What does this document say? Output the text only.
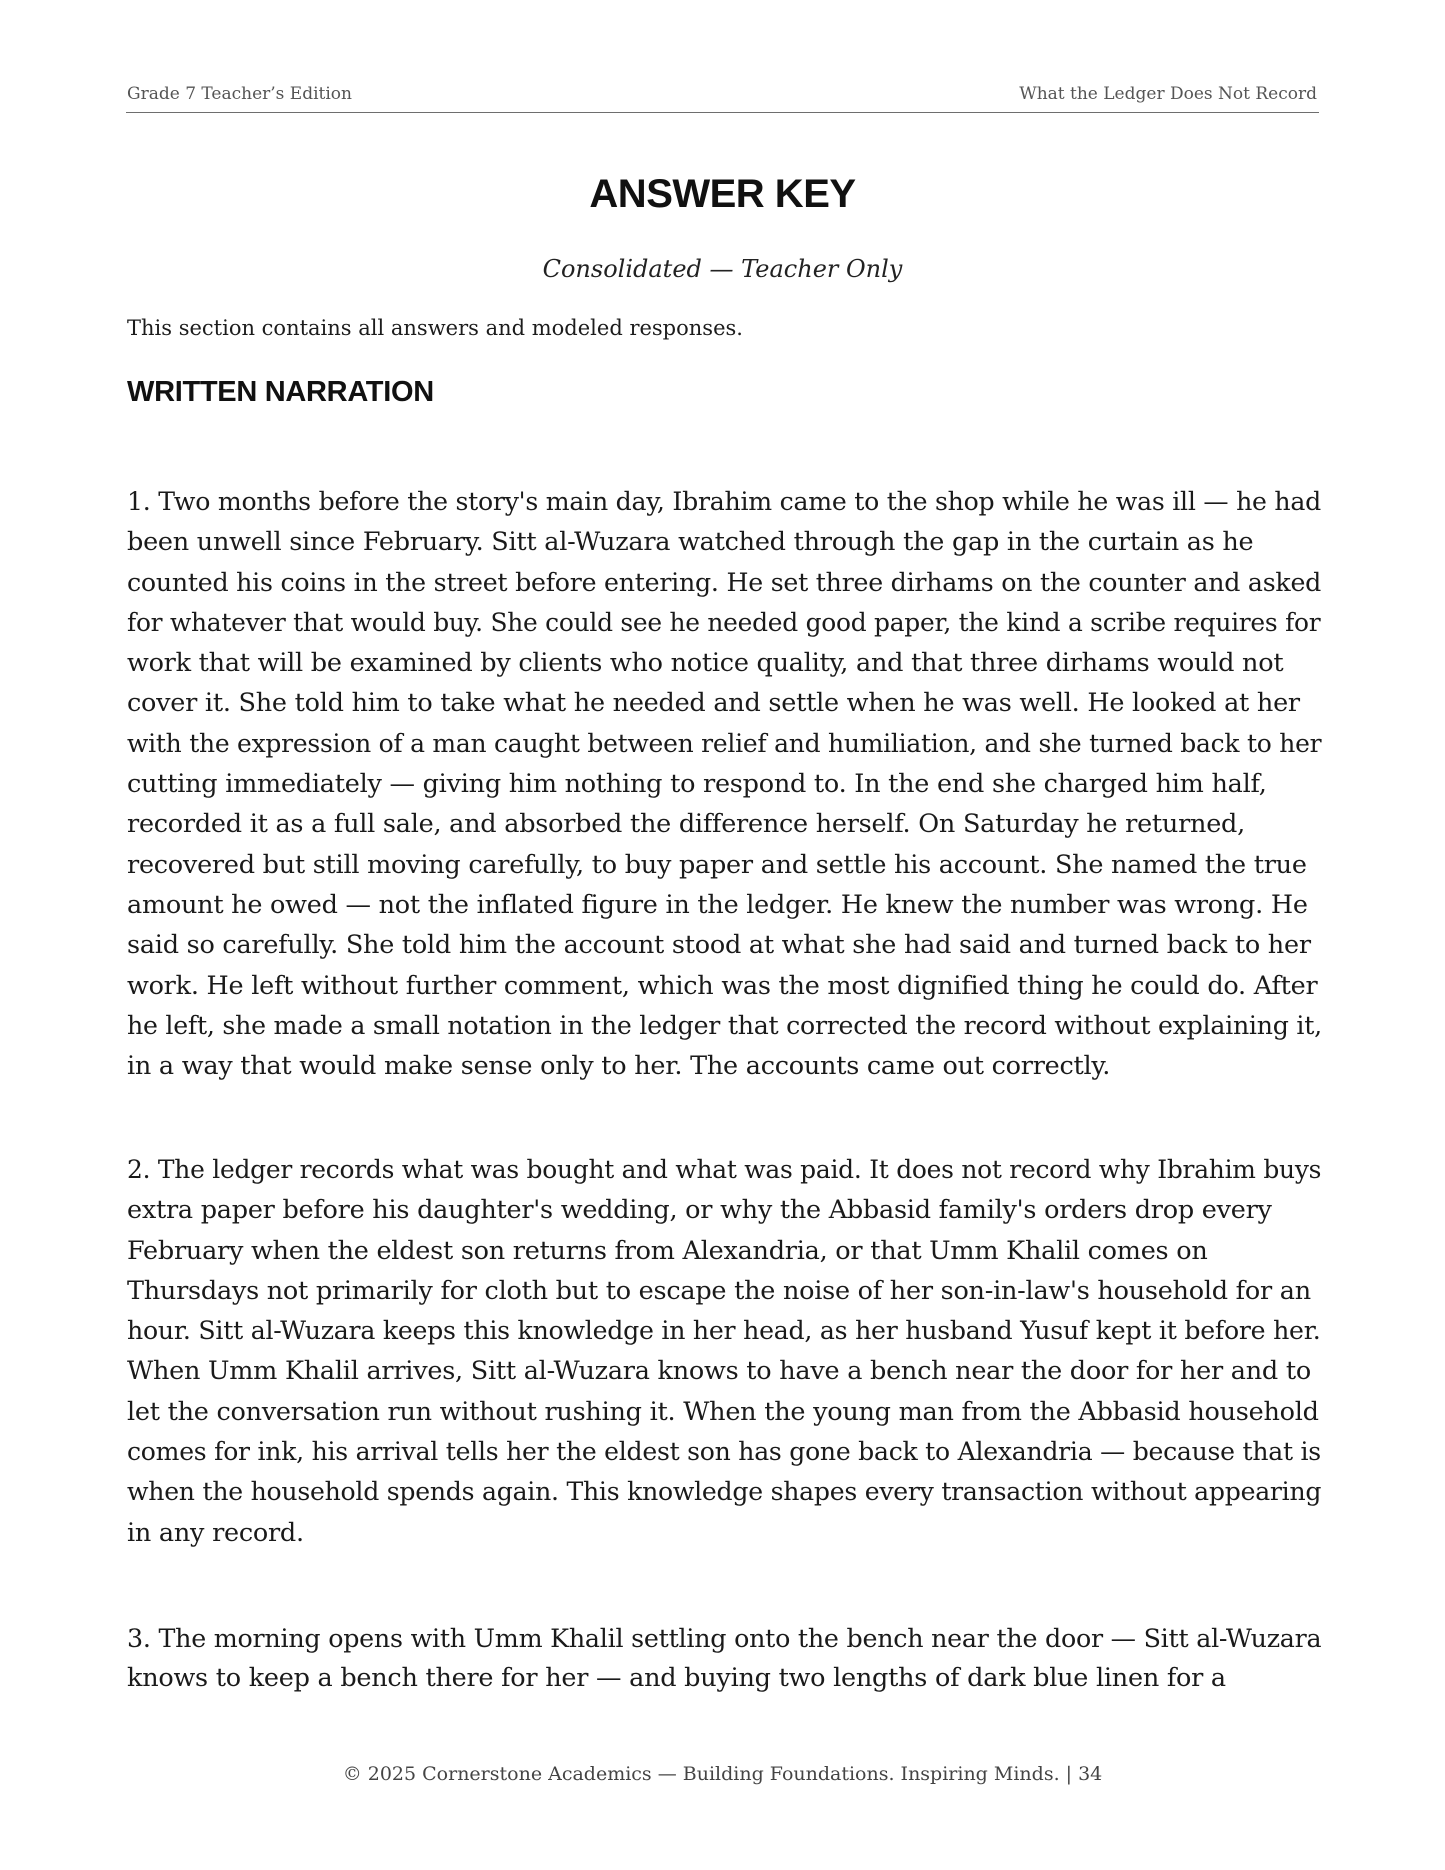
Grade 7 Teacher’s Edition	What the Ledger Does Not Record
ANSWER KEY

Consolidated — Teacher Only

This section contains all answers and modeled responses.

WRITTEN NARRATION
1. Two months before the story's main day, Ibrahim came to the shop while he was ill — he had
been unwell since February. Sitt al-Wuzara watched through the gap in the curtain as he
counted his coins in the street before entering. He set three dirhams on the counter and asked
for whatever that would buy. She could see he needed good paper, the kind a scribe requires for
work that will be examined by clients who notice quality, and that three dirhams would not
cover it. She told him to take what he needed and settle when he was well. He looked at her
with the expression of a man caught between relief and humiliation, and she turned back to her
cutting immediately — giving him nothing to respond to. In the end she charged him half,
recorded it as a full sale, and absorbed the difference herself. On Saturday he returned,
recovered but still moving carefully, to buy paper and settle his account. She named the true
amount he owed — not the inflated figure in the ledger. He knew the number was wrong. He
said so carefully. She told him the account stood at what she had said and turned back to her
work. He left without further comment, which was the most dignified thing he could do. After
he left, she made a small notation in the ledger that corrected the record without explaining it,
in a way that would make sense only to her. The accounts came out correctly.
2. The ledger records what was bought and what was paid. It does not record why Ibrahim buys
extra paper before his daughter's wedding, or why the Abbasid family's orders drop every
February when the eldest son returns from Alexandria, or that Umm Khalil comes on
Thursdays not primarily for cloth but to escape the noise of her son-in-law's household for an
hour. Sitt al-Wuzara keeps this knowledge in her head, as her husband Yusuf kept it before her.
When Umm Khalil arrives, Sitt al-Wuzara knows to have a bench near the door for her and to
let the conversation run without rushing it. When the young man from the Abbasid household
comes for ink, his arrival tells her the eldest son has gone back to Alexandria — because that is
when the household spends again. This knowledge shapes every transaction without appearing
in any record.
3. The morning opens with Umm Khalil settling onto the bench near the door — Sitt al-Wuzara
knows to keep a bench there for her — and buying two lengths of dark blue linen for a
© 2025 Cornerstone Academics — Building Foundations. Inspiring Minds. | 34
